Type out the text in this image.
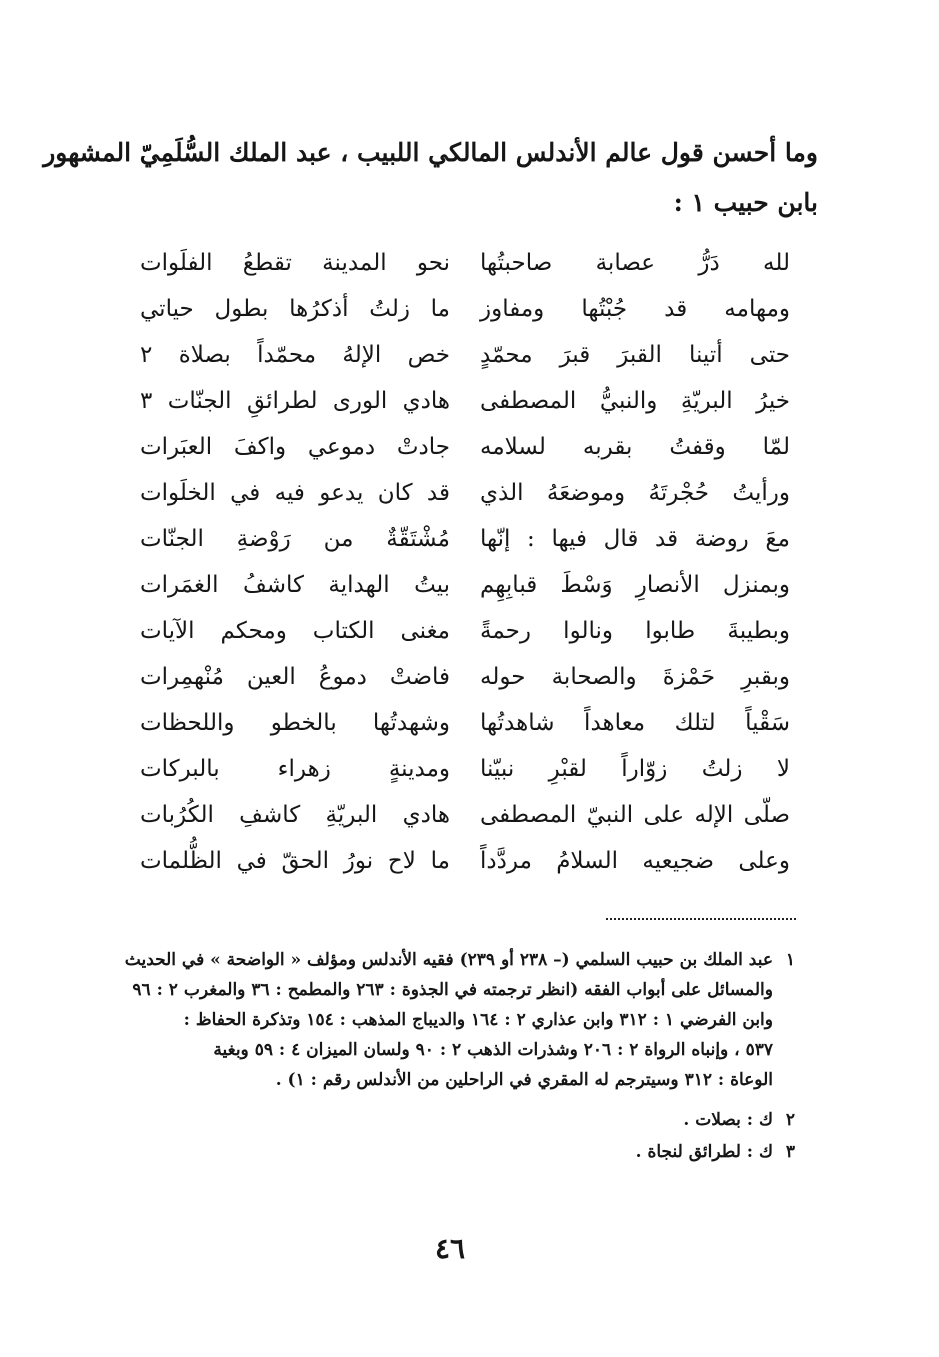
وما أحسن قول عالم الأندلس المالكي اللبيب ، عبد الملك السُّلَمِيّ المشهور
بابن حبيب ١ :
لله دَرُّ عصابة صاحبتُها
نحو المدينة تقطعُ الفلَوات
ومهامه قد جُبْتُها ومفاوز
ما زلتُ أذكرُها بطول حياتي
حتى أتينا القبرَ قبرَ محمّدٍ
خص الإلهُ محمّداً بصلاة ٢
خيرُ البريّةِ والنبيُّ المصطفى
هادي الورى لطرائقِ الجنّات ٣
لمّا وقفتُ بقربه لسلامه
جادتْ دموعي واكفَ العبَرات
ورأيتُ حُجْرتَهُ وموضعَهُ الذي
قد كان يدعو فيه في الخلَوات
معَ روضة قد قال فيها : إنّها
مُشْتَقّةٌ من رَوْضةِ الجنّات
وبمنزل الأنصارِ وَسْطَ قبابِهِم
بيتُ الهداية كاشفُ الغمَرات
وبطيبةَ طابوا ونالوا رحمةً
مغنى الكتاب ومحكم الآيات
وبقبرِ حَمْزةَ والصحابة حوله
فاضتْ دموعُ العين مُنْهمِرات
سَقْياً لتلك معاهداً شاهدتُها
وشهدتُها بالخطو واللحظات
لا زلتُ زوّاراً لقبْرِ نبيّنا
ومدينةٍ زهراء بالبركات
صلّى الإله على النبيّ المصطفى
هادي البريّةِ كاشفِ الكُرُبات
وعلى ضجيعيه السلامُ مردَّداً
ما لاح نورُ الحقّ في الظُّلمات
١
عبد الملك بن حبيب السلمي (– ٢٣٨ أو ٢٣٩) فقيه الأندلس ومؤلف « الواضحة » في الحديث
والمسائل على أبواب الفقه (انظر ترجمته في الجذوة : ٢٦٣ والمطمح : ٣٦ والمغرب ٢ : ٩٦
وابن الفرضي ١ : ٣١٢ وابن عذاري ٢ : ١٦٤ والديباج المذهب : ١٥٤ وتذكرة الحفاظ :
٥٣٧ ، وإنباه الرواة ٢ : ٢٠٦ وشذرات الذهب ٢ : ٩٠ ولسان الميزان ٤ : ٥٩ وبغية
الوعاة : ٣١٢ وسيترجم له المقري في الراحلين من الأندلس رقم : ١) .
٢
ك : بصلات .
٣
ك : لطرائق لنجاة .
٤٦
